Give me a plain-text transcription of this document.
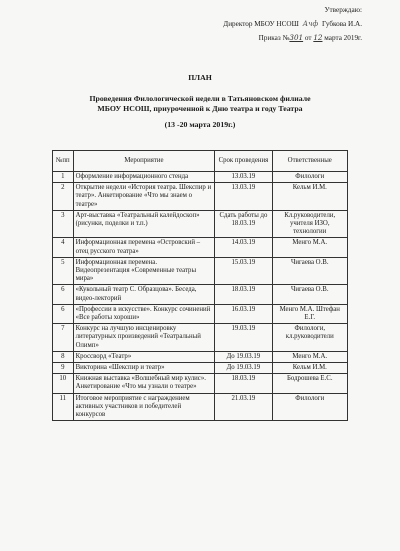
Утверждаю:
Директор МБОУ НСОШ Ачф Губкова И.А.
Приказ №301 от 12 марта 2019г.
ПЛАН
Проведения Филологической недели в Татьяновском филиале
МБОУ НСОШ, приуроченной к Дню театра и году Театра
(13 -20 марта 2019г.)
№пп	Мероприятие	Срок проведения	Ответственные
1	Оформление информационного стенда	13.03.19	Филологи
2	Открытие недели «История театра. Шекспир и театр». Анкетирование «Что мы знаем о театре»	13.03.19	Кельм И.М.
3	Арт-выставка «Театральный калейдоскоп» (рисунки, поделки и т.п.)	Сдать работы до 18.03.19	Кл.руководители, учителя ИЗО, технологии
4	Информационная перемена «Островский – отец русского театра»	14.03.19	Менго М.А.
5	Информационная перемена. Видеопрезентация «Современные театры мира»	15.03.19	Чигаева О.В.
6	«Кукольный театр С. Образцова». Беседа, видео-лекторий	18.03.19	Чигаева О.В.
6	«Профессии в искусстве». Конкурс сочинений «Все работы хороши»	16.03.19	Менго М.А. Штефан Е.Г.
7	Конкурс на лучшую инсценировку литературных произведений «Театральный Олимп»	19.03.19	Филологи, кл.руководители
8	Кроссворд «Театр»	До 19.03.19	Менго М.А.
9	Викторина «Шекспир и театр»	До 19.03.19	Кельм И.М.
10	Книжная выставка «Волшебный мир кулис». Анкетирование «Что мы узнали о театре»	18.03.19	Бодрошева Е.С.
11	Итоговое мероприятие с награждением активных участников и победителей конкурсов	21.03.19	Филологи
